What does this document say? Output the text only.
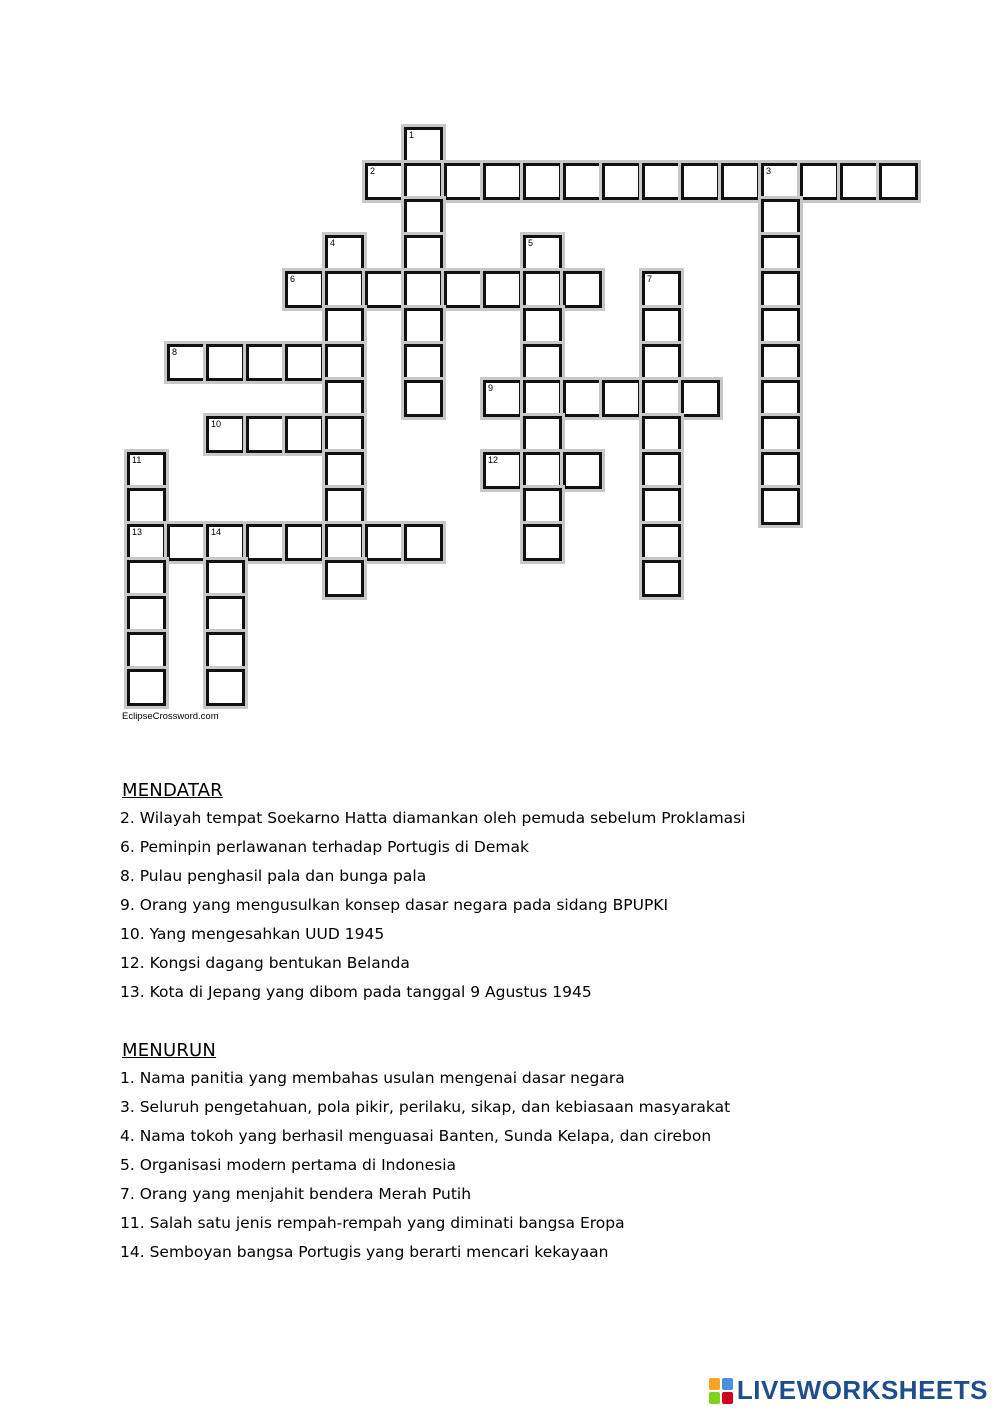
1
2	3
4	5
6	7
8
9
10
11	12
13	14
EclipseCrossword.com
MENDATAR
2. Wilayah tempat Soekarno Hatta diamankan oleh pemuda sebelum Proklamasi
6. Peminpin perlawanan terhadap Portugis di Demak
8. Pulau penghasil pala dan bunga pala
9. Orang yang mengusulkan konsep dasar negara pada sidang BPUPKI
10. Yang mengesahkan UUD 1945
12. Kongsi dagang bentukan Belanda
13. Kota di Jepang yang dibom pada tanggal 9 Agustus 1945
MENURUN
1. Nama panitia yang membahas usulan mengenai dasar negara
3. Seluruh pengetahuan, pola pikir, perilaku, sikap, dan kebiasaan masyarakat
4. Nama tokoh yang berhasil menguasai Banten, Sunda Kelapa, dan cirebon
5. Organisasi modern pertama di Indonesia
7. Orang yang menjahit bendera Merah Putih
11. Salah satu jenis rempah-rempah yang diminati bangsa Eropa
14. Semboyan bangsa Portugis yang berarti mencari kekayaan
LIVEWORKSHEETS
